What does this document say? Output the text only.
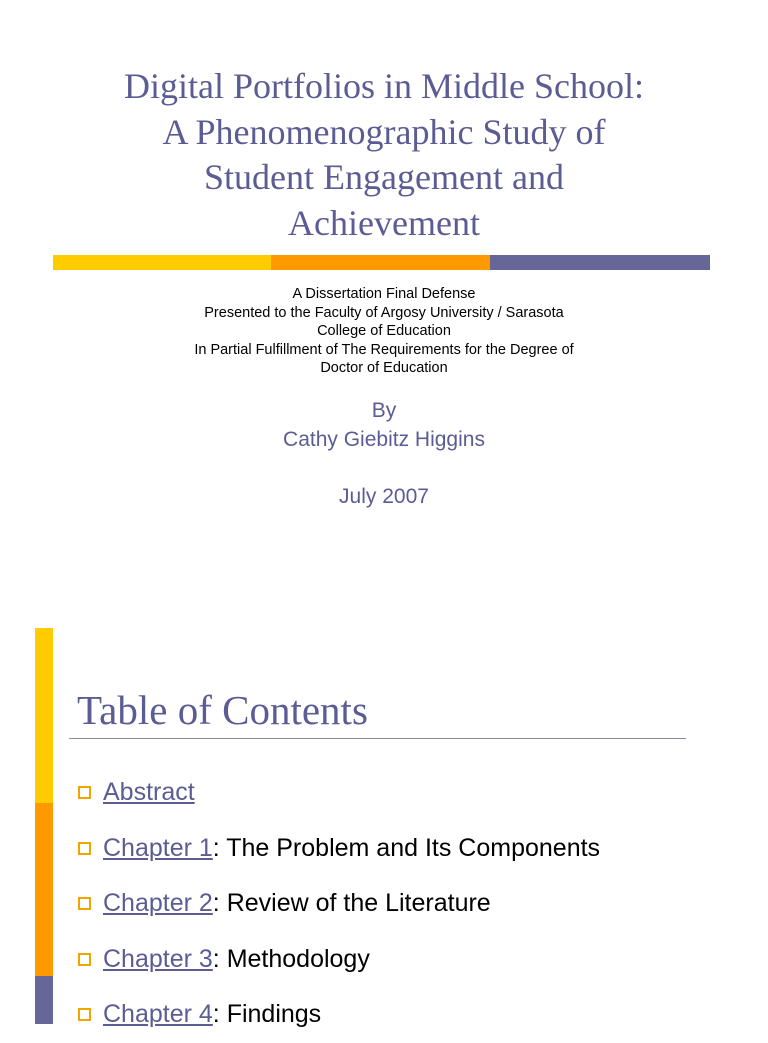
Digital Portfolios in Middle School:
A Phenomenographic Study of
Student Engagement and
Achievement
A Dissertation Final Defense
Presented to the Faculty of Argosy University / Sarasota
College of Education
In Partial Fulfillment of The Requirements for the Degree of
Doctor of Education
By
Cathy Giebitz Higgins
July 2007
Table of Contents
Abstract
Chapter 1 : The Problem and Its Components
Chapter 2 : Review of the Literature
Chapter 3 : Methodology
Chapter 4 : Findings
